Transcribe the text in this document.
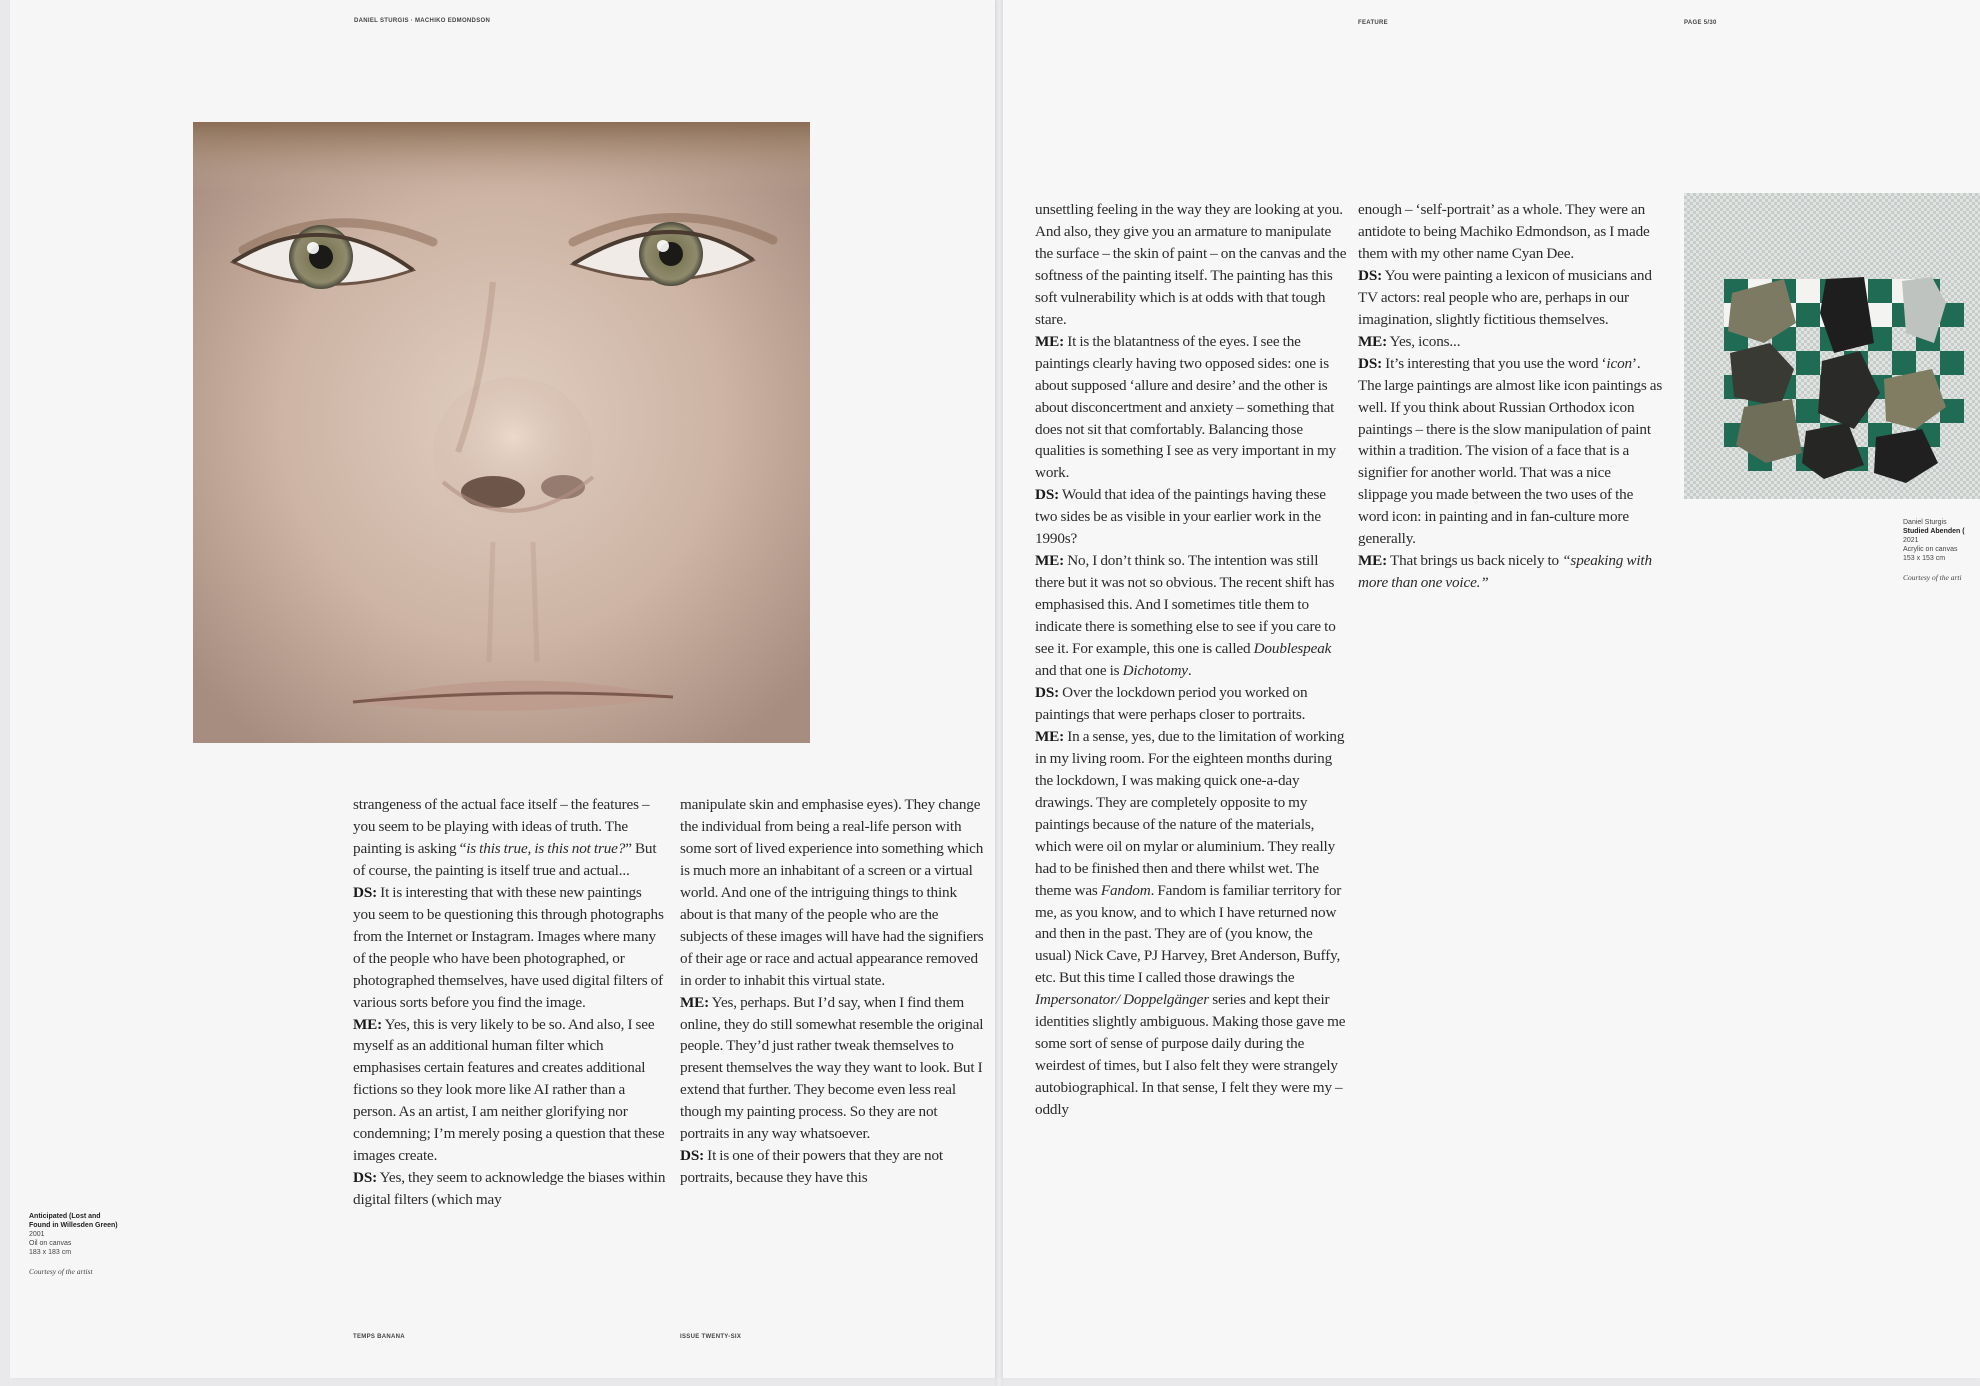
DANIEL STURGIS · MACHIKO EDMONDSON
Anticipated (Lost and
Found in Willesden Green)
2001
Oil on canvas
183 x 183 cm
Courtesy of the artist

strangeness of the actual face itself – the features – you seem to be playing with ideas of truth. The painting is asking “is this true, is this not true?” But of course, the painting is itself true and actual...

DS: It is interesting that with these new paintings you seem to be questioning this through photographs from the Internet or Instagram. Images where many of the people who have been photographed, or photographed themselves, have used digital filters of various sorts before you find the image.

ME: Yes, this is very likely to be so. And also, I see myself as an additional human filter which emphasises certain features and creates additional fictions so they look more like AI rather than a person. As an artist, I am neither glorifying nor condemning; I’m merely posing a question that these images create.

DS: Yes, they seem to acknowledge the biases within digital filters (which may

manipulate skin and emphasise eyes). They change the individual from being a real-life person with some sort of lived experience into something which is much more an inhabitant of a screen or a virtual world. And one of the intriguing things to think about is that many of the people who are the subjects of these images will have had the signifiers of their age or race and actual appearance removed in order to inhabit this virtual state.

ME: Yes, perhaps. But I’d say, when I find them online, they do still somewhat resemble the original people. They’d just rather tweak themselves to present themselves the way they want to look. But I extend that further. They become even less real though my painting process. So they are not portraits in any way whatsoever.

DS: It is one of their powers that they are not portraits, because they have this

TEMPS BANANA	ISSUE TWENTY-SIX
FEATURE	PAGE 5/30

unsettling feeling in the way they are looking at you. And also, they give you an armature to manipulate the surface – the skin of paint – on the canvas and the softness of the painting itself. The painting has this soft vulnerability which is at odds with that tough stare.

ME: It is the blatantness of the eyes. I see the paintings clearly having two opposed sides: one is about supposed ‘allure and desire’ and the other is about disconcertment and anxiety – something that does not sit that comfortably. Balancing those qualities is something I see as very important in my work.

DS: Would that idea of the paintings having these two sides be as visible in your earlier work in the 1990s?

ME: No, I don’t think so. The intention was still there but it was not so obvious. The recent shift has emphasised this. And I sometimes title them to indicate there is something else to see if you care to see it. For example, this one is called Doublespeak and that one is Dichotomy.

DS: Over the lockdown period you worked on paintings that were perhaps closer to portraits.

ME: In a sense, yes, due to the limitation of working in my living room. For the eighteen months during the lockdown, I was making quick one-a-day drawings. They are completely opposite to my paintings because of the nature of the materials, which were oil on mylar or aluminium. They really had to be finished then and there whilst wet. The theme was Fandom. Fandom is familiar territory for me, as you know, and to which I have returned now and then in the past. They are of (you know, the usual) Nick Cave, PJ Harvey, Bret Anderson, Buffy, etc. But this time I called those drawings the Impersonator/ Doppelgänger series and kept their identities slightly ambiguous. Making those gave me some sort of sense of purpose daily during the weirdest of times, but I also felt they were strangely autobiographical. In that sense, I felt they were my – oddly

enough – ‘self-portrait’ as a whole. They were an antidote to being Machiko Edmondson, as I made them with my other name Cyan Dee.

DS: You were painting a lexicon of musicians and TV actors: real people who are, perhaps in our imagination, slightly fictitious themselves.

ME: Yes, icons...

DS: It’s interesting that you use the word ‘icon’. The large paintings are almost like icon paintings as well. If you think about Russian Orthodox icon paintings – there is the slow manipulation of paint within a tradition. The vision of a face that is a signifier for another world. That was a nice slippage you made between the two uses of the word icon: in painting and in fan-culture more generally.

ME: That brings us back nicely to “speaking with more than one voice.”

Daniel Sturgis
Studied Abenden (
2021
Acrylic on canvas
153 x 153 cm
Courtesy of the arti
